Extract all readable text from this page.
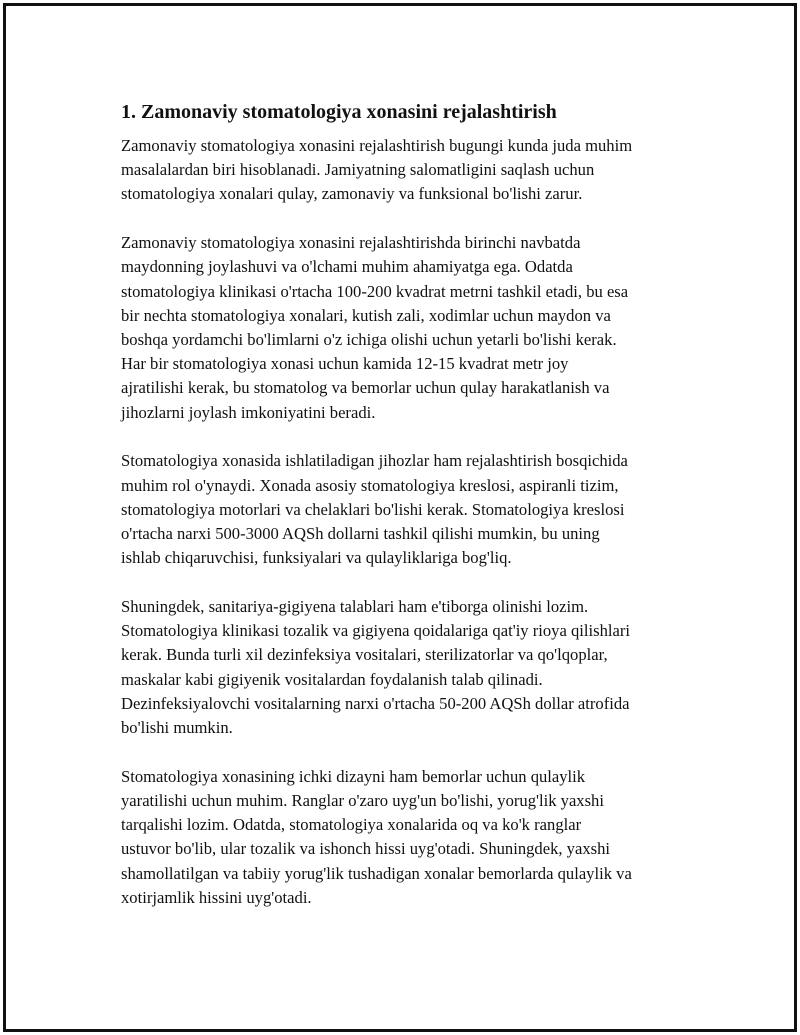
1. Zamonaviy stomatologiya xonasini rejalashtirish

Zamonaviy stomatologiya xonasini rejalashtirish bugungi kunda juda muhim
masalalardan biri hisoblanadi. Jamiyatning salomatligini saqlash uchun
stomatologiya xonalari qulay, zamonaviy va funksional bo'lishi zarur.

Zamonaviy stomatologiya xonasini rejalashtirishda birinchi navbatda
maydonning joylashuvi va o'lchami muhim ahamiyatga ega. Odatda
stomatologiya klinikasi o'rtacha 100-200 kvadrat metrni tashkil etadi, bu esa
bir nechta stomatologiya xonalari, kutish zali, xodimlar uchun maydon va
boshqa yordamchi bo'limlarni o'z ichiga olishi uchun yetarli bo'lishi kerak.
Har bir stomatologiya xonasi uchun kamida 12-15 kvadrat metr joy
ajratilishi kerak, bu stomatolog va bemorlar uchun qulay harakatlanish va
jihozlarni joylash imkoniyatini beradi.

Stomatologiya xonasida ishlatiladigan jihozlar ham rejalashtirish bosqichida
muhim rol o'ynaydi. Xonada asosiy stomatologiya kreslosi, aspiranli tizim,
stomatologiya motorlari va chelaklari bo'lishi kerak. Stomatologiya kreslosi
o'rtacha narxi 500-3000 AQSh dollarni tashkil qilishi mumkin, bu uning
ishlab chiqaruvchisi, funksiyalari va qulayliklariga bog'liq.

Shuningdek, sanitariya-gigiyena talablari ham e'tiborga olinishi lozim.
Stomatologiya klinikasi tozalik va gigiyena qoidalariga qat'iy rioya qilishlari
kerak. Bunda turli xil dezinfeksiya vositalari, sterilizatorlar va qo'lqoplar,
maskalar kabi gigiyenik vositalardan foydalanish talab qilinadi.
Dezinfeksiyalovchi vositalarning narxi o'rtacha 50-200 AQSh dollar atrofida
bo'lishi mumkin.

Stomatologiya xonasining ichki dizayni ham bemorlar uchun qulaylik
yaratilishi uchun muhim. Ranglar o'zaro uyg'un bo'lishi, yorug'lik yaxshi
tarqalishi lozim. Odatda, stomatologiya xonalarida oq va ko'k ranglar
ustuvor bo'lib, ular tozalik va ishonch hissi uyg'otadi. Shuningdek, yaxshi
shamollatilgan va tabiiy yorug'lik tushadigan xonalar bemorlarda qulaylik va
xotirjamlik hissini uyg'otadi.
